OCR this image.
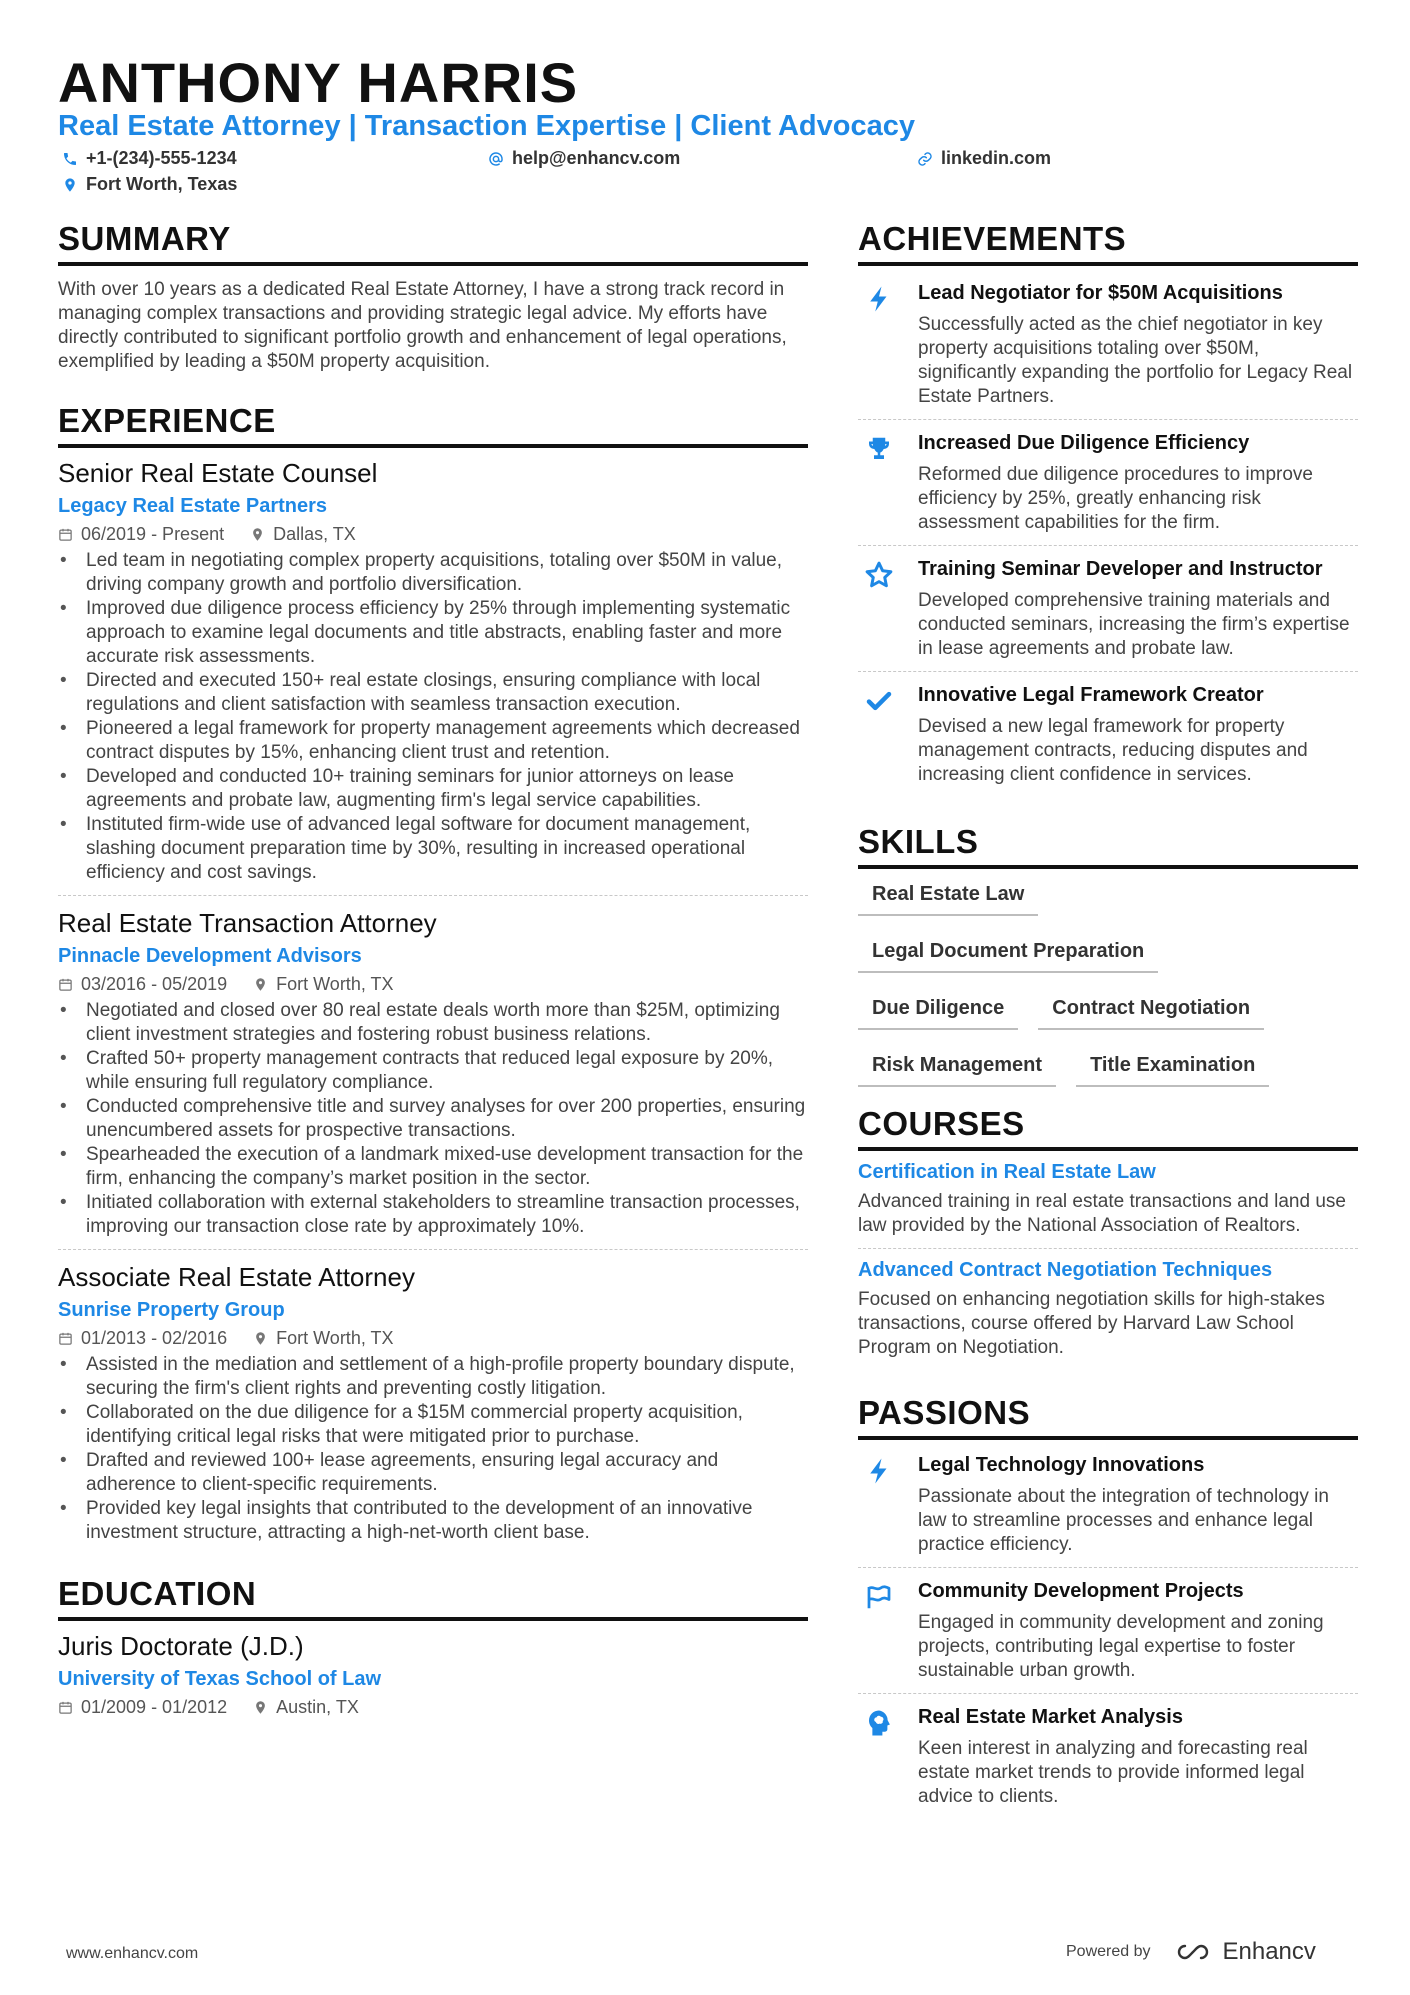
ANTHONY HARRIS
Real Estate Attorney | Transaction Expertise | Client Advocacy
+1-(234)-555-1234	help@enhancv.com	linkedin.com
Fort Worth, Texas
SUMMARY

With over 10 years as a dedicated Real Estate Attorney, I have a strong track record in managing complex transactions and providing strategic legal advice. My efforts have directly contributed to significant portfolio growth and enhancement of legal operations, exemplified by leading a $50M property acquisition.

EXPERIENCE
Senior Real Estate Counsel
Legacy Real Estate Partners
06/2019 - Present	Dallas, TX
• Led team in negotiating complex property acquisitions, totaling over $50M in value, driving company growth and portfolio diversification.
• Improved due diligence process efficiency by 25% through implementing systematic approach to examine legal documents and title abstracts, enabling faster and more accurate risk assessments.
• Directed and executed 150+ real estate closings, ensuring compliance with local regulations and client satisfaction with seamless transaction execution.
• Pioneered a legal framework for property management agreements which decreased contract disputes by 15%, enhancing client trust and retention.
• Developed and conducted 10+ training seminars for junior attorneys on lease agreements and probate law, augmenting firm's legal service capabilities.
• Instituted firm-wide use of advanced legal software for document management, slashing document preparation time by 30%, resulting in increased operational efficiency and cost savings.
Real Estate Transaction Attorney
Pinnacle Development Advisors
03/2016 - 05/2019	Fort Worth, TX
• Negotiated and closed over 80 real estate deals worth more than $25M, optimizing client investment strategies and fostering robust business relations.
• Crafted 50+ property management contracts that reduced legal exposure by 20%, while ensuring full regulatory compliance.
• Conducted comprehensive title and survey analyses for over 200 properties, ensuring unencumbered assets for prospective transactions.
• Spearheaded the execution of a landmark mixed-use development transaction for the firm, enhancing the company’s market position in the sector.
• Initiated collaboration with external stakeholders to streamline transaction processes, improving our transaction close rate by approximately 10%.
Associate Real Estate Attorney
Sunrise Property Group
01/2013 - 02/2016	Fort Worth, TX
• Assisted in the mediation and settlement of a high-profile property boundary dispute, securing the firm's client rights and preventing costly litigation.
• Collaborated on the due diligence for a $15M commercial property acquisition, identifying critical legal risks that were mitigated prior to purchase.
• Drafted and reviewed 100+ lease agreements, ensuring legal accuracy and adherence to client-specific requirements.
• Provided key legal insights that contributed to the development of an innovative investment structure, attracting a high-net-worth client base.
EDUCATION
Juris Doctorate (J.D.)
University of Texas School of Law
01/2009 - 01/2012	Austin, TX
ACHIEVEMENTS
Lead Negotiator for $50M Acquisitions
Successfully acted as the chief negotiator in key property acquisitions totaling over $50M, significantly expanding the portfolio for Legacy Real Estate Partners.
Increased Due Diligence Efficiency
Reformed due diligence procedures to improve efficiency by 25%, greatly enhancing risk assessment capabilities for the firm.
Training Seminar Developer and Instructor
Developed comprehensive training materials and conducted seminars, increasing the firm’s expertise in lease agreements and probate law.
Innovative Legal Framework Creator
Devised a new legal framework for property management contracts, reducing disputes and increasing client confidence in services.
SKILLS
Real Estate Law
Legal Document Preparation
Due Diligence	Contract Negotiation
Risk Management	Title Examination
COURSES
Certification in Real Estate Law
Advanced training in real estate transactions and land use law provided by the National Association of Realtors.
Advanced Contract Negotiation Techniques
Focused on enhancing negotiation skills for high-stakes transactions, course offered by Harvard Law School Program on Negotiation.
PASSIONS
Legal Technology Innovations
Passionate about the integration of technology in law to streamline processes and enhance legal practice efficiency.
Community Development Projects
Engaged in community development and zoning projects, contributing legal expertise to foster sustainable urban growth.
Real Estate Market Analysis
Keen interest in analyzing and forecasting real estate market trends to provide informed legal advice to clients.
www.enhancv.com	Powered by	Enhancv
